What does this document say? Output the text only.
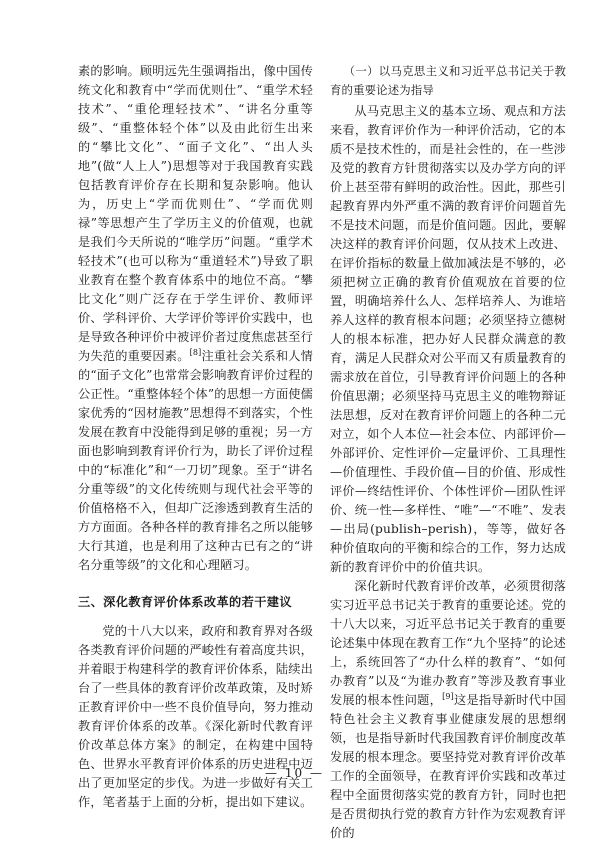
素的影响。顾明远先生强调指出，像中国传统文化和教育中“学而优则仕”、“重学术轻技术”、“重伦理轻技术”、“讲名分重等级”、“重整体轻个体”以及由此衍生出来的“攀比文化”、“面子文化”、“出人头地”(做“人上人”)思想等对于我国教育实践包括教育评价存在长期和复杂影响。他认为，历史上“学而优则仕”、“学而优则禄”等思想产生了学历主义的价值观，也就是我们今天所说的“唯学历”问题。“重学术轻技术”(也可以称为“重道轻术”)导致了职业教育在整个教育体系中的地位不高。“攀比文化”则广泛存在于学生评价、教师评价、学科评价、大学评价等评价实践中，也是导致各种评价中被评价者过度焦虑甚至行为失范的重要因素。[8]注重社会关系和人情的“面子文化”也常常会影响教育评价过程的公正性。“重整体轻个体”的思想一方面使儒家优秀的“因材施教”思想得不到落实，个性发展在教育中没能得到足够的重视；另一方面也影响到教育评价行为，助长了评价过程中的“标准化”和“一刀切”现象。至于“讲名分重等级”的文化传统则与现代社会平等的价值格格不入，但却广泛渗透到教育生活的方方面面。各种各样的教育排名之所以能够大行其道，也是利用了这种古已有之的“讲名分重等级”的文化和心理陋习。

三、深化教育评价体系改革的若干建议

党的十八大以来，政府和教育界对各级各类教育评价问题的严峻性有着高度共识，并着眼于构建科学的教育评价体系，陆续出台了一些具体的教育评价改革政策，及时矫正教育评价中一些不良价值导向，努力推动教育评价体系的改革。《深化新时代教育评价改革总体方案》的制定，在构建中国特色、世界水平教育评价体系的历史进程中迈出了更加坚定的步伐。为进一步做好有关工作，笔者基于上面的分析，提出如下建议。

（一）以马克思主义和习近平总书记关于教育的重要论述为指导

从马克思主义的基本立场、观点和方法来看，教育评价作为一种评价活动，它的本质不是技术性的，而是社会性的，在一些涉及党的教育方针贯彻落实以及办学方向的评价上甚至带有鲜明的政治性。因此，那些引起教育界内外严重不满的教育评价问题首先不是技术问题，而是价值问题。因此，要解决这样的教育评价问题，仅从技术上改进、在评价指标的数量上做加减法是不够的，必须把树立正确的教育价值观放在首要的位置，明确培养什么人、怎样培养人、为谁培养人这样的教育根本问题；必须坚持立德树人的根本标准，把办好人民群众满意的教育，满足人民群众对公平而又有质量教育的需求放在首位，引导教育评价问题上的各种价值思潮；必须坚持马克思主义的唯物辩证法思想，反对在教育评价问题上的各种二元对立，如个人本位—社会本位、内部评价—外部评价、定性评价—定量评价、工具理性—价值理性、手段价值—目的价值、形成性评价—终结性评价、个体性评价—团队性评价、统一性—多样性、“唯”—“不唯”、发表—出局(publish–perish)，等等，做好各种价值取向的平衡和综合的工作，努力达成新的教育评价中的价值共识。

深化新时代教育评价改革，必须贯彻落实习近平总书记关于教育的重要论述。党的十八大以来，习近平总书记关于教育的重要论述集中体现在教育工作“九个坚持”的论述上，系统回答了“办什么样的教育”、“如何办教育”以及“为谁办教育”等涉及教育事业发展的根本性问题，[9]这是指导新时代中国特色社会主义教育事业健康发展的思想纲领，也是指导新时代我国教育评价制度改革发展的根本理念。要坚持党对教育评价改革工作的全面领导，在教育评价实践和改革过程中全面贯彻落实党的教育方针，同时也把是否贯彻执行党的教育方针作为宏观教育评价的

— 10 —
